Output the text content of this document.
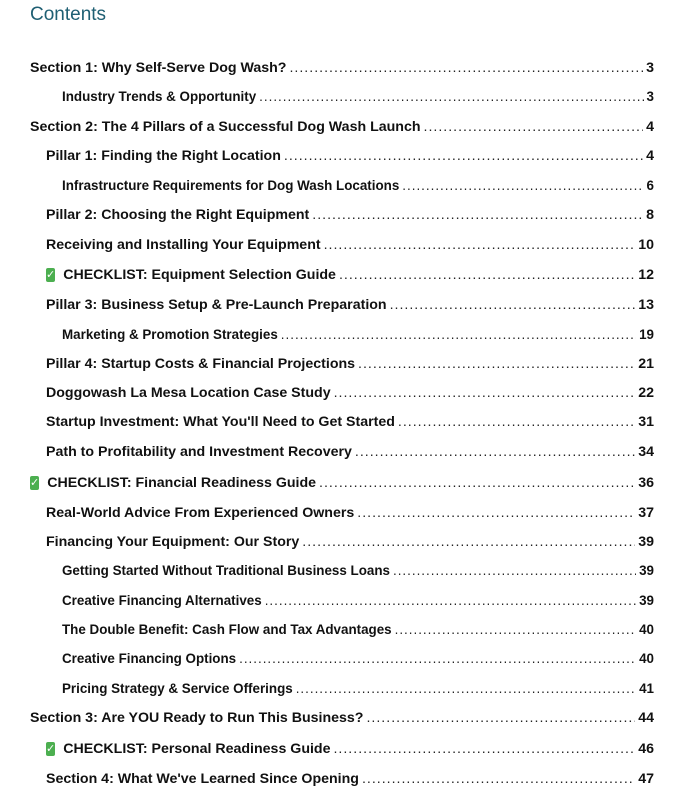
Contents
Section 1: Why Self-Serve Dog Wash? .....	3
Industry Trends & Opportunity .....	3
Section 2: The 4 Pillars of a Successful Dog Wash Launch .....	4
Pillar 1: Finding the Right Location .....	4
Infrastructure Requirements for Dog Wash Locations .....	6
Pillar 2: Choosing the Right Equipment .....	8
Receiving and Installing Your Equipment .....	10
✓ CHECKLIST: Equipment Selection Guide .....	12
Pillar 3: Business Setup & Pre-Launch Preparation .....	13
Marketing & Promotion Strategies .....	19
Pillar 4: Startup Costs & Financial Projections .....	21
Doggowash La Mesa Location Case Study .....	22
Startup Investment: What You'll Need to Get Started .....	31
Path to Profitability and Investment Recovery .....	34
✓ CHECKLIST: Financial Readiness Guide .....	36
Real-World Advice From Experienced Owners .....	37
Financing Your Equipment: Our Story .....	39
Getting Started Without Traditional Business Loans .....	39
Creative Financing Alternatives .....	39
The Double Benefit: Cash Flow and Tax Advantages .....	40
Creative Financing Options .....	40
Pricing Strategy & Service Offerings .....	41
Section 3: Are YOU Ready to Run This Business? .....	44
✓ CHECKLIST: Personal Readiness Guide .....	46
Section 4: What We've Learned Since Opening .....	47
